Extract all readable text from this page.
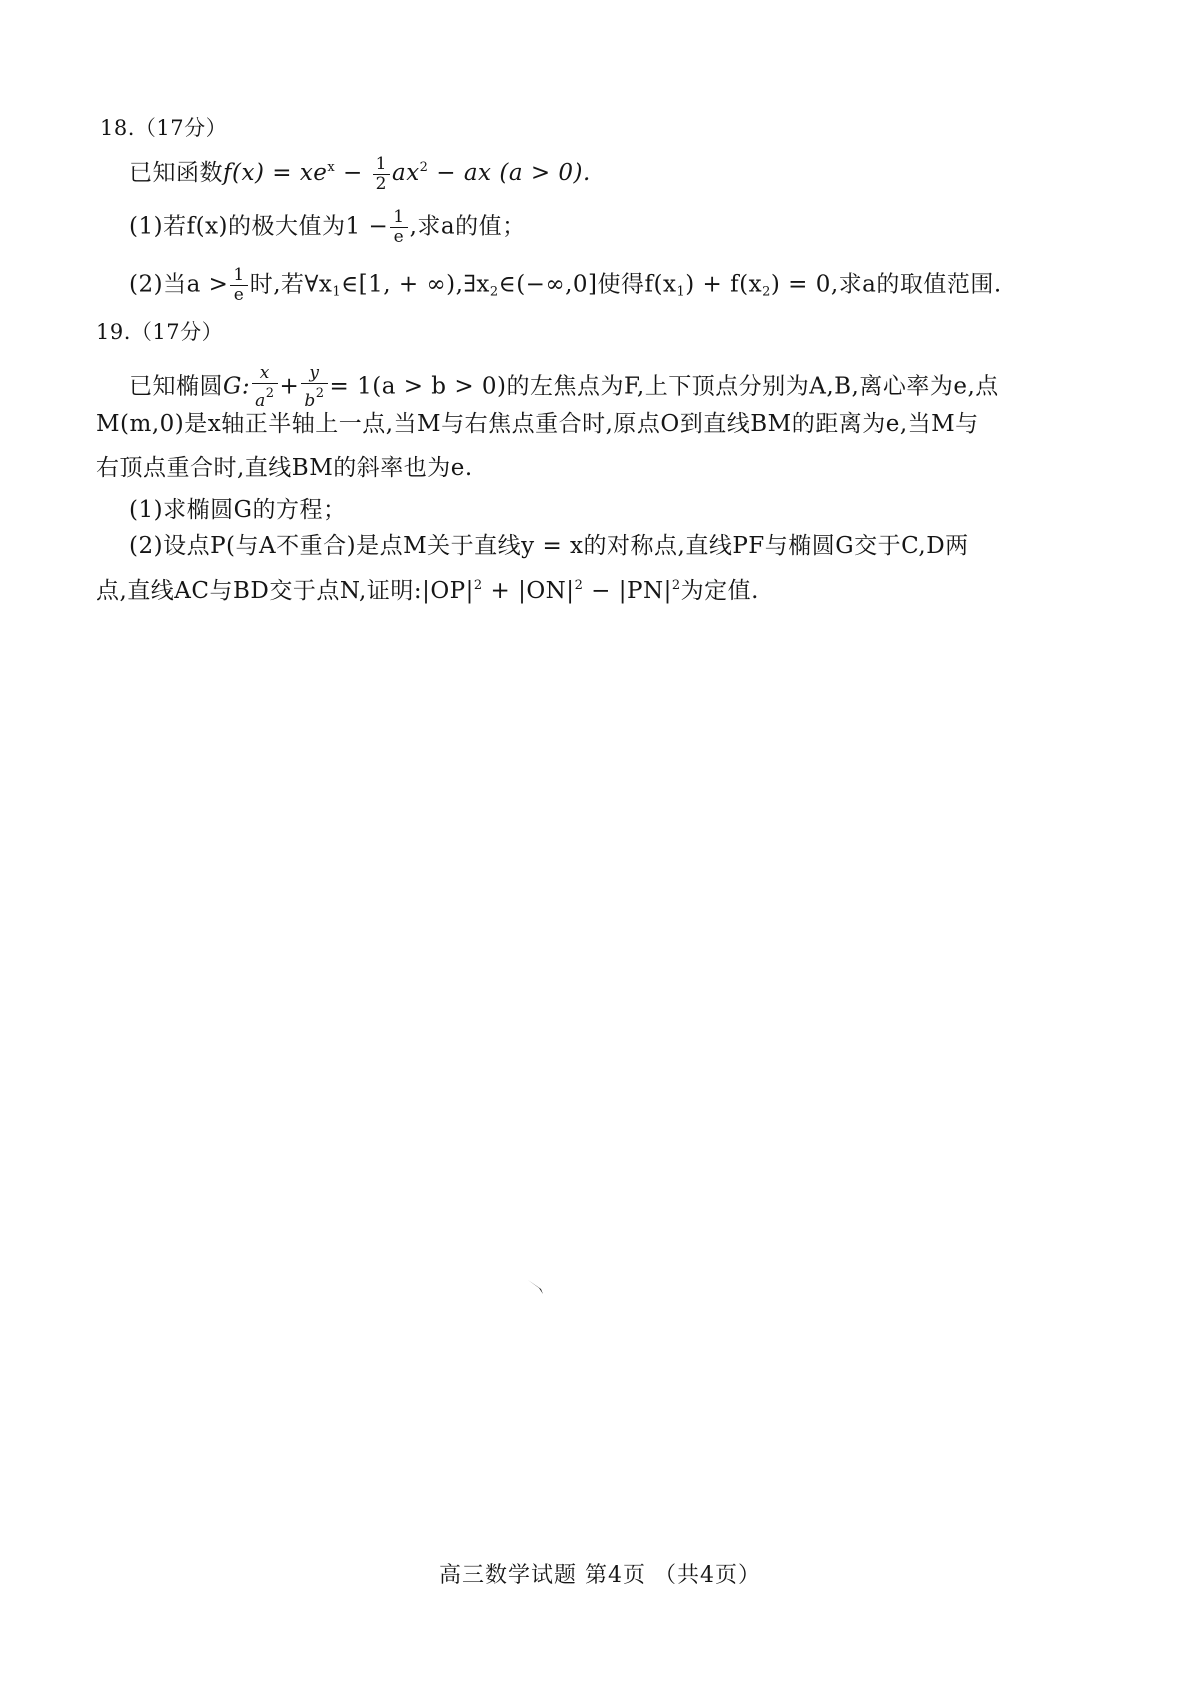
18.（17分）
已知函数$f(x) = xe^x - \frac{1}{2} ax^2$ − ax (a > 0).
(1)若f(x)的极大值为$1 - \frac{1}{e}$ ,求a的值；
(2)当$a > \frac{1}{e}$ 时,若$\forall x_1\in[1$, + $\infty),\exists x_2\in(-\infty,0]$使得$f(x_1) + f(x_2) = 0$,求a的取值范围.
19.（17分）
已知椭圆G: $\frac{x}{a^2} + \frac{y}{b^2} = 1(a > b > 0)$的左焦点为F,上下顶点分别为A,B,离心率为e,点
M(m,0)是x轴正半轴上一点,当M与右焦点重合时,原点O到直线BM的距离为e,当M与
右顶点重合时,直线BM的斜率也为e.
(1)求椭圆G的方程；
(2)设点P(与A不重合)是点M关于直线y = x的对称点,直线PF与椭圆G交于C,D两
点,直线AC与BD交于点N,证明$:|OP|^2 + |ON|^2 - |PN|^2$为定值.
高三数学试题 第4页 （共4页）
